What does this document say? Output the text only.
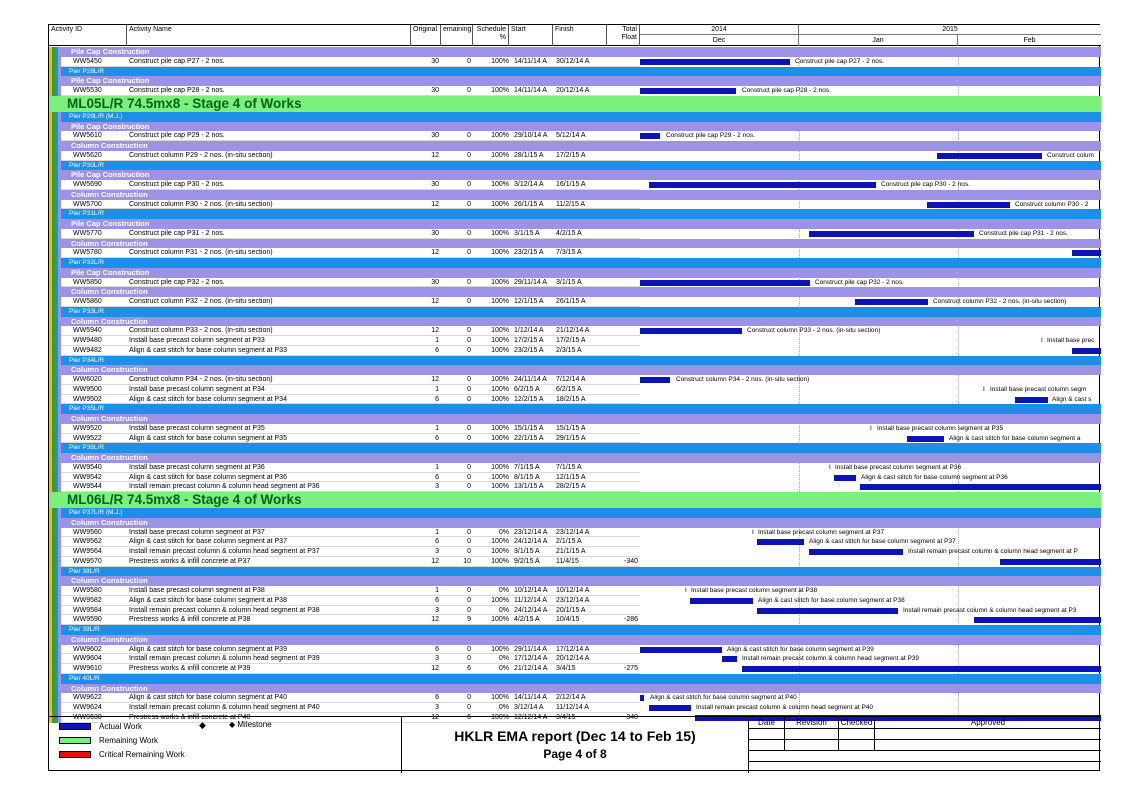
Activity ID	Activity Name	Original emaining Schedule
%
Start	Finish	Total
Float
2014	2015
Dec	Jan	Feb
Pile Cap Construction
WW5450	Construct pile cap P27 - 2 nos.	30	0	100% 14/11/14 A	30/12/14 A	Construct pile cap P27 - 2 nos.
Pier P28L/R
Pile Cap Construction
WW5530	Construct pile cap P28 - 2 nos.	30	0	100% 14/11/14 A	20/12/14 A	Construct pile cap P28 - 2 nos.
ML05L/R 74.5mx8 - Stage 4 of Works
Pier P29L/R (M.J.)
Pile Cap Construction
WW5610	Construct pile cap P29 - 2 nos.	30	0	100% 29/10/14 A	5/12/14 A	Construct pile cap P29 - 2 nos.
Column Construction
WW5620	Construct column P29 - 2 nos. (in-situ section)	12	0	100% 28/1/15 A	17/2/15 A	Construct colum
Pier P30L/R
Pile Cap Construction
WW5690	Construct pile cap P30 - 2 nos.	30	0	100% 3/12/14 A	16/1/15 A	Construct pile cap P30 - 2 nos.
Column Construction
WW5700	Construct column P30 - 2 nos. (in-situ section)	12	0	100% 26/1/15 A	11/2/15 A	Construct column P30 - 2
Pier P31L/R
Pile Cap Construction
WW5770	Construct pile cap P31 - 2 nos.	30	0	100% 3/1/15 A	4/2/15 A	Construct pile cap P31 - 2 nos.
Column Construction
WW5780	Construct column P31 - 2 nos. (in-situ section)	12	0	100% 23/2/15 A	7/3/15 A
Pier P32L/R
Pile Cap Construction
WW5850	Construct pile cap P32 - 2 nos.	30	0	100% 29/11/14 A	3/1/15 A	Construct pile cap P32 - 2 nos.
Column Construction
WW5860	Construct column P32 - 2 nos. (in-situ section)	12	0	100% 12/1/15 A	26/1/15 A	Construct column P32 - 2 nos. (in-situ section)
Pier P33L/R
Column Construction
WW5940	Construct column P33 - 2 nos. (in-situ section)	12	0	100% 1/12/14 A	21/12/14 A	Construct column P33 - 2 nos. (in-situ section)
WW9480	Install base precast column segment at P33	1	0	100% 17/2/15 A	17/2/15 A	I Install base prec
WW9482	Align & cast stitch for base column segment at P33	6	0	100% 23/2/15 A	2/3/15 A
Pier P34L/R
Column Construction
WW6020	Construct column P34 - 2 nos. (in-situ section)	12	0	100% 24/11/14 A	7/12/14 A	Construct column P34 - 2 nos. (in-situ section)
WW9500	Install base precast column segment at P34	1	0	100% 6/2/15 A	6/2/15 A	I Install base precast column segm
WW9502	Align & cast stitch for base column segment at P34	6	0	100% 12/2/15 A	18/2/15 A	Align & cast s
Pier P35L/R
Column Construction
WW9520	Install base precast column segment at P35	1	0	100% 15/1/15 A	15/1/15 A	I Install base precast column segment at P35
WW9522	Align & cast stitch for base column segment at P35	6	0	100% 22/1/15 A	29/1/15 A	Align & cast stitch for base column segment a
Pier P36L/R
Column Construction
WW9540	Install base precast column segment at P36	1	0	100% 7/1/15 A	7/1/15 A	I Install base precast column segment at P36
WW9542	Align & cast stitch for base column segment at P36	6	0	100% 8/1/15 A	12/1/15 A	Align & cast stitch for base column segment at P36
WW9544	Install remain precast column & column head segment at P36	3	0	100% 13/1/15 A	28/2/15 A
ML06L/R 74.5mx8 - Stage 4 of Works
Pier P37L/R (M.J.)
Column Construction
WW9560	Install base precast column segment at P37	1	0	0% 23/12/14 A	23/12/14 A	I Install base precast column segment at P37
WW9562	Align & cast stitch for base column segment at P37	6	0	100% 24/12/14 A	2/1/15 A	Align & cast stitch for base column segment at P37
WW9564	Install remain precast column & column head segment at P37	3	0	100% 3/1/15 A	21/1/15 A	Install remain precast column & column head segment at P
WW9570	Prestress works & infill concrete at P37	12	10	100% 9/2/15 A	11/4/15	-340
Pier 38L/R
Column Construction
WW9580	Install base precast column segment at P38	1	0	0% 10/12/14 A	10/12/14 A	I Install base precast column segment at P38
WW9582	Align & cast stitch for base column segment at P38	6	0	100% 11/12/14 A	23/12/14 A	Align & cast stitch for base column segment at P38
WW9584	Install remain precast column & column head segment at P38	3	0	0% 24/12/14 A	20/1/15 A	Install remain precast column & column head segment at P3
WW9590	Prestress works & infill concrete at P38	12	9	100% 4/2/15 A	10/4/15	-286
Pier 39L/R
Column Construction
WW9602	Align & cast stitch for base column segment at P39	6	0	100% 29/11/14 A	17/12/14 A	Align & cast stitch for base column segment at P39
WW9604	Install remain precast column & column head segment at P39	3	0	0% 17/12/14 A	20/12/14 A	Install remain precast column & column head segment at P39
WW9610	Prestress works & infill concrete at P39	12	6	0% 21/12/14 A	3/4/15	-275
Pier 40L/R
Column Construction
WW9622	Align & cast stitch for base column segment at P40	6	0	100% 14/11/14 A	2/12/14 A	Align & cast stitch for base column segment at P40
WW9624	Install remain precast column & column head segment at P40	3	0	0% 3/12/14 A	11/12/14 A	Install remain precast column & column head segment at P40
WW9630	Prestress works & infill concrete at P40	12	6	100% 12/12/14 A	3/4/15	-340
Actual Work
Remaining Work
Critical Remaining Work
◆	◆ Milestone
HKLR EMA report (Dec 14 to Feb 15)
Page 4 of 8
Date	Revision	Checked	Approved
